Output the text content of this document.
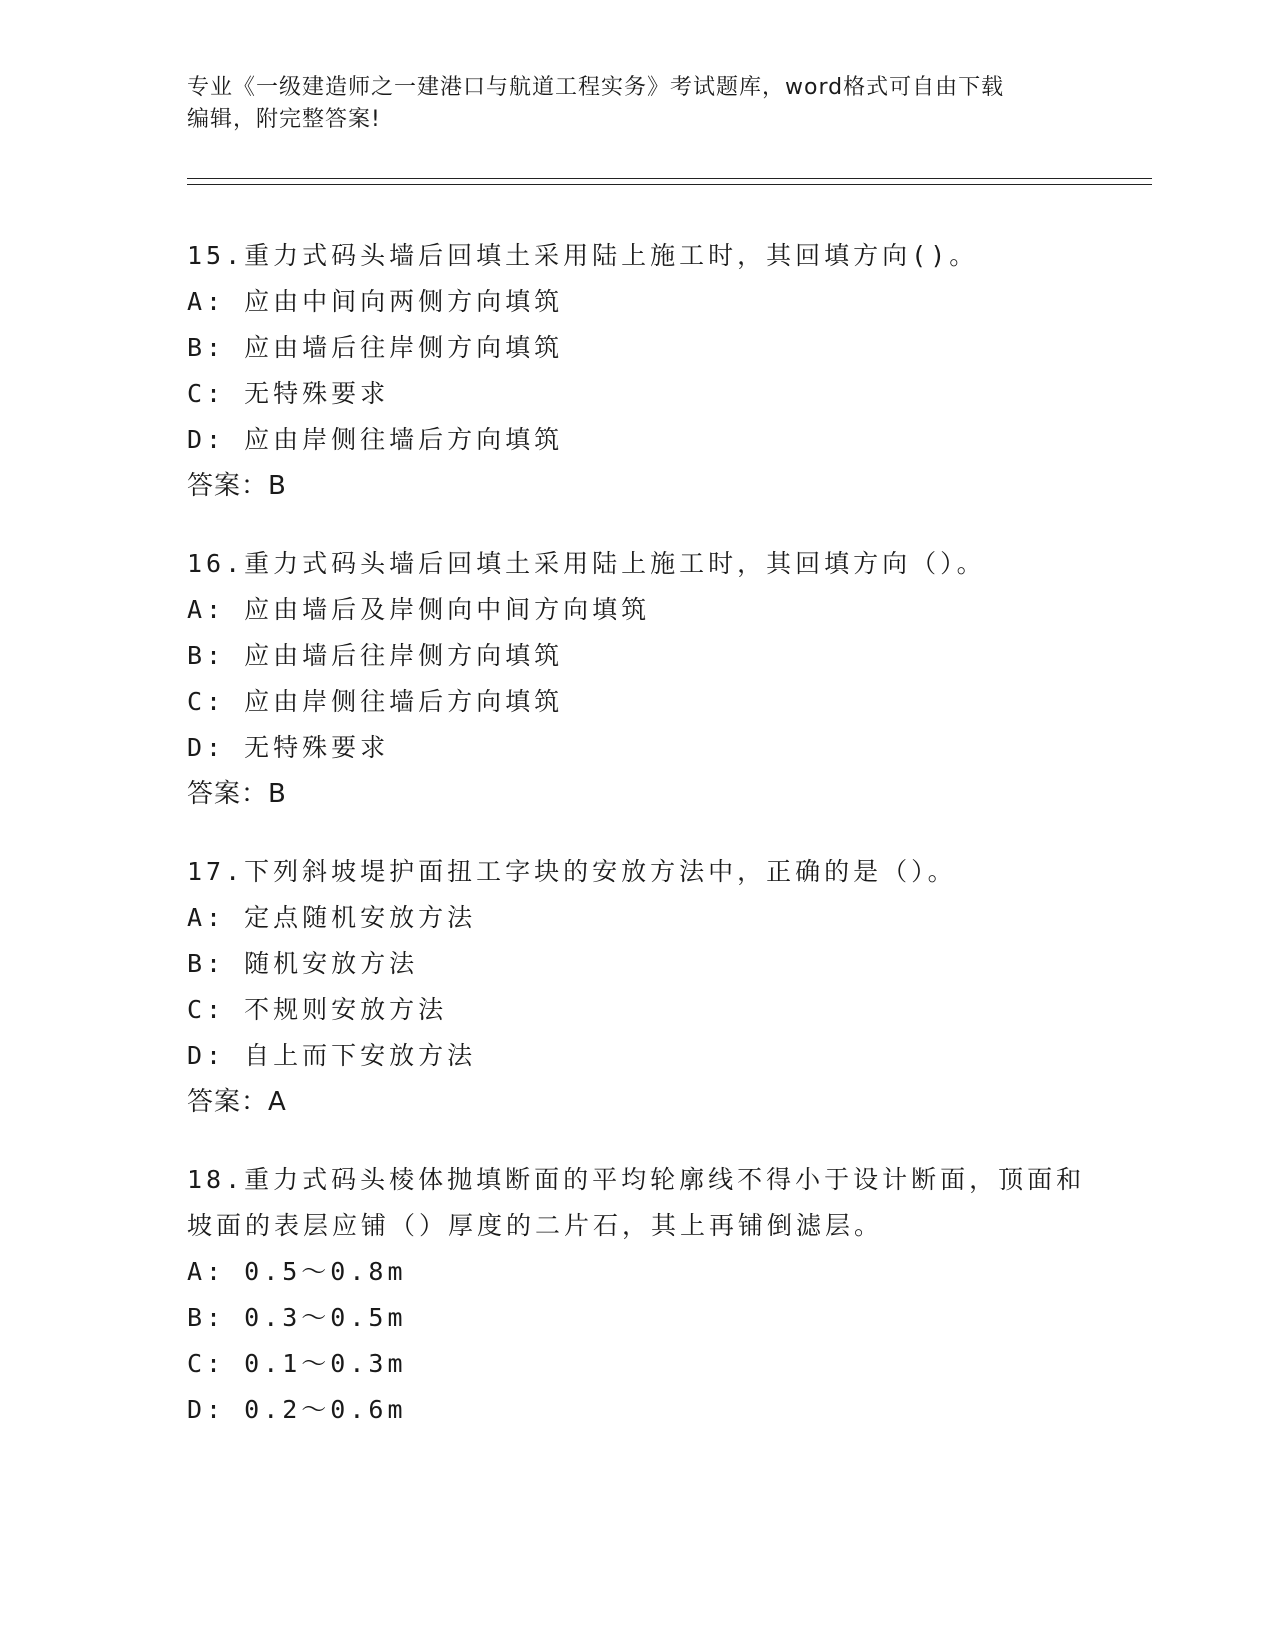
专业《一级建造师之一建港口与航道工程实务》考试题库，word格式可自由下载
编辑，附完整答案!
15.重力式码头墙后回填土采用陆上施工时，其回填方向()。
A: 应由中间向两侧方向填筑
B: 应由墙后往岸侧方向填筑
C: 无特殊要求
D: 应由岸侧往墙后方向填筑
答案：B
16.重力式码头墙后回填土采用陆上施工时，其回填方向（）。
A: 应由墙后及岸侧向中间方向填筑
B: 应由墙后往岸侧方向填筑
C: 应由岸侧往墙后方向填筑
D: 无特殊要求
答案：B
17.下列斜坡堤护面扭工字块的安放方法中，正确的是（）。
A: 定点随机安放方法
B: 随机安放方法
C: 不规则安放方法
D: 自上而下安放方法
答案：A
18.重力式码头棱体抛填断面的平均轮廓线不得小于设计断面，顶面和
坡面的表层应铺（）厚度的二片石，其上再铺倒滤层。
A: 0.5～0.8m
B: 0.3～0.5m
C: 0.1～0.3m
D: 0.2～0.6m
